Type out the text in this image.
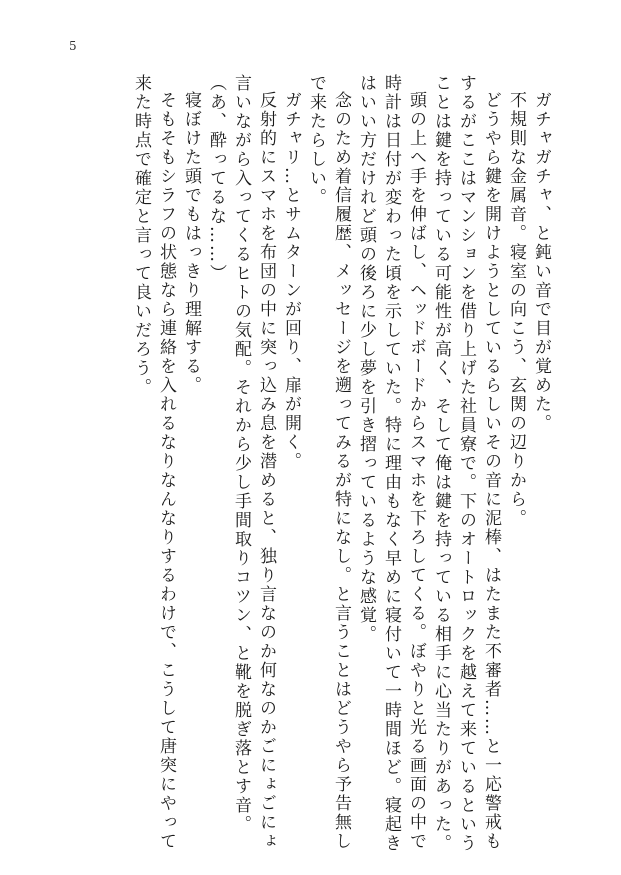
5

ガチャガチャ、と鈍い音で目が覚めた。

不規則な金属音。寝室の向こう、玄関の辺りから。

どうやら鍵を開けようとしているらしいその音に泥棒、はたまた不審者……と一応警戒も

するがここはマンションを借り上げた社員寮で。下のオートロックを越えて来ているという

ことは鍵を持っている可能性が高く、そして俺は鍵を持っている相手に心当たりがあった。

頭の上へ手を伸ばし、ヘッドボードからスマホを下ろしてくる。ぼやりと光る画面の中で

時計は日付が変わった頃を示していた。特に理由もなく早めに寝付いて一時間ほど。寝起き

はいい方だけれど頭の後ろに少し夢を引き摺っているような感覚。

念のため着信履歴、メッセージを遡ってみるが特になし。と言うことはどうやら予告無し

で来たらしい。

ガチャリ…とサムターンが回り、扉が開く。

反射的にスマホを布団の中に突っ込み息を潜めると、独り言なのか何なのかごにょごにょ

言いながら入ってくるヒトの気配。それから少し手間取りコツン、と靴を脱ぎ落とす音。

（あ、酔ってるな……）

寝ぼけた頭でもはっきり理解する。

そもそもシラフの状態なら連絡を入れるなりなんなりするわけで、こうして唐突にやって

来た時点で確定と言って良いだろう。
